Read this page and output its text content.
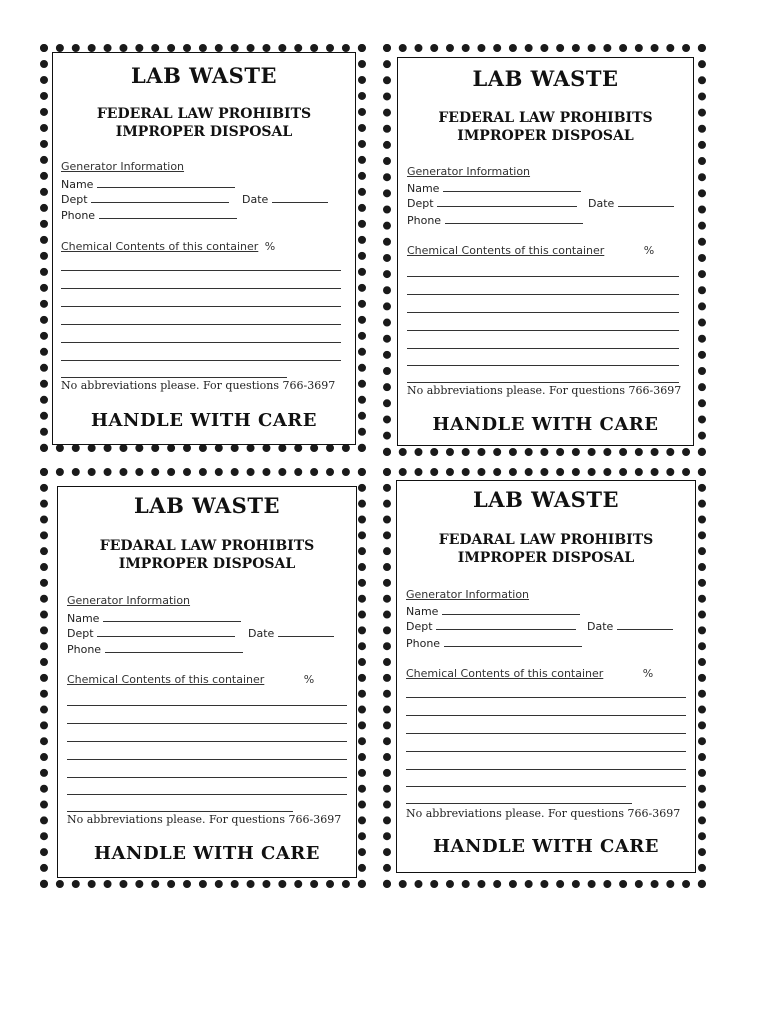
LAB WASTE
FEDERAL LAW PROHIBITS
IMPROPER DISPOSAL
Generator Information
Name
Dept	Date
Phone
Chemical Contents of this container %
No abbreviations please. For questions 766-3697
HANDLE WITH CARE
LAB WASTE
FEDERAL LAW PROHIBITS
IMPROPER DISPOSAL
Generator Information
Name
Dept	Date
Phone
Chemical Contents of this container	%
No abbreviations please. For questions 766-3697
HANDLE WITH CARE
LAB WASTE
FEDARAL LAW PROHIBITS
IMPROPER DISPOSAL
Generator Information
Name
Dept	Date
Phone
Chemical Contents of this container	%
No abbreviations please. For questions 766-3697
HANDLE WITH CARE
LAB WASTE
FEDARAL LAW PROHIBITS
IMPROPER DISPOSAL
Generator Information
Name
Dept	Date
Phone
Chemical Contents of this container	%
No abbreviations please. For questions 766-3697
HANDLE WITH CARE
